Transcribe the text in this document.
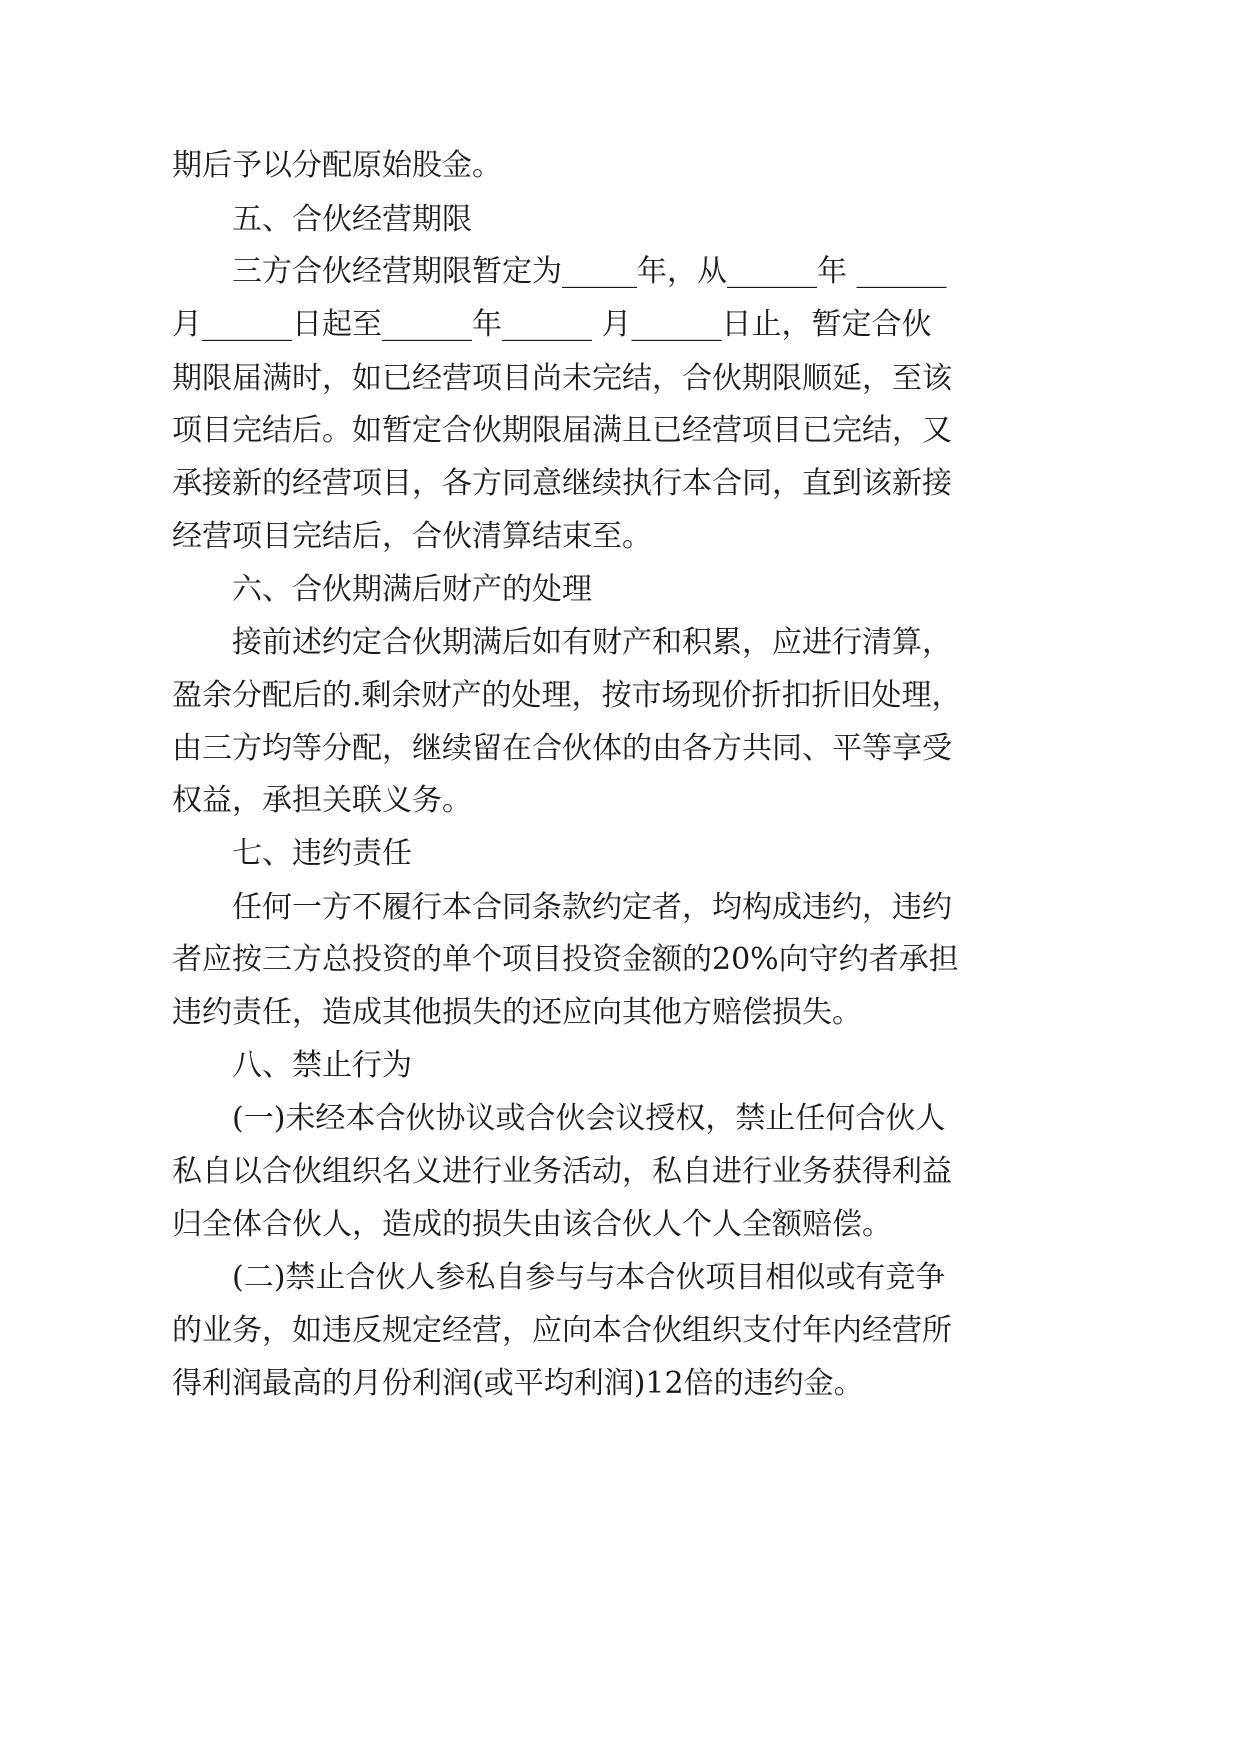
期后予以分配原始股金。
五、合伙经营期限
三方合伙经营期限暂定为_____年，从______年 ______
月______日起至______年______ 月______日止，暂定合伙
期限届满时，如已经营项目尚未完结，合伙期限顺延，至该
项目完结后。如暂定合伙期限届满且已经营项目已完结，又
承接新的经营项目，各方同意继续执行本合同，直到该新接
经营项目完结后，合伙清算结束至。
六、合伙期满后财产的处理
接前述约定合伙期满后如有财产和积累，应进行清算，
盈余分配后的.剩余财产的处理，按市场现价折扣折旧处理，
由三方均等分配，继续留在合伙体的由各方共同、平等享受
权益，承担关联义务。
七、违约责任
任何一方不履行本合同条款约定者，均构成违约，违约
者应按三方总投资的单个项目投资金额的20%向守约者承担
违约责任，造成其他损失的还应向其他方赔偿损失。
八、禁止行为
(一)未经本合伙协议或合伙会议授权，禁止任何合伙人
私自以合伙组织名义进行业务活动，私自进行业务获得利益
归全体合伙人，造成的损失由该合伙人个人全额赔偿。
(二)禁止合伙人参私自参与与本合伙项目相似或有竞争
的业务，如违反规定经营，应向本合伙组织支付年内经营所
得利润最高的月份利润(或平均利润)12倍的违约金。
